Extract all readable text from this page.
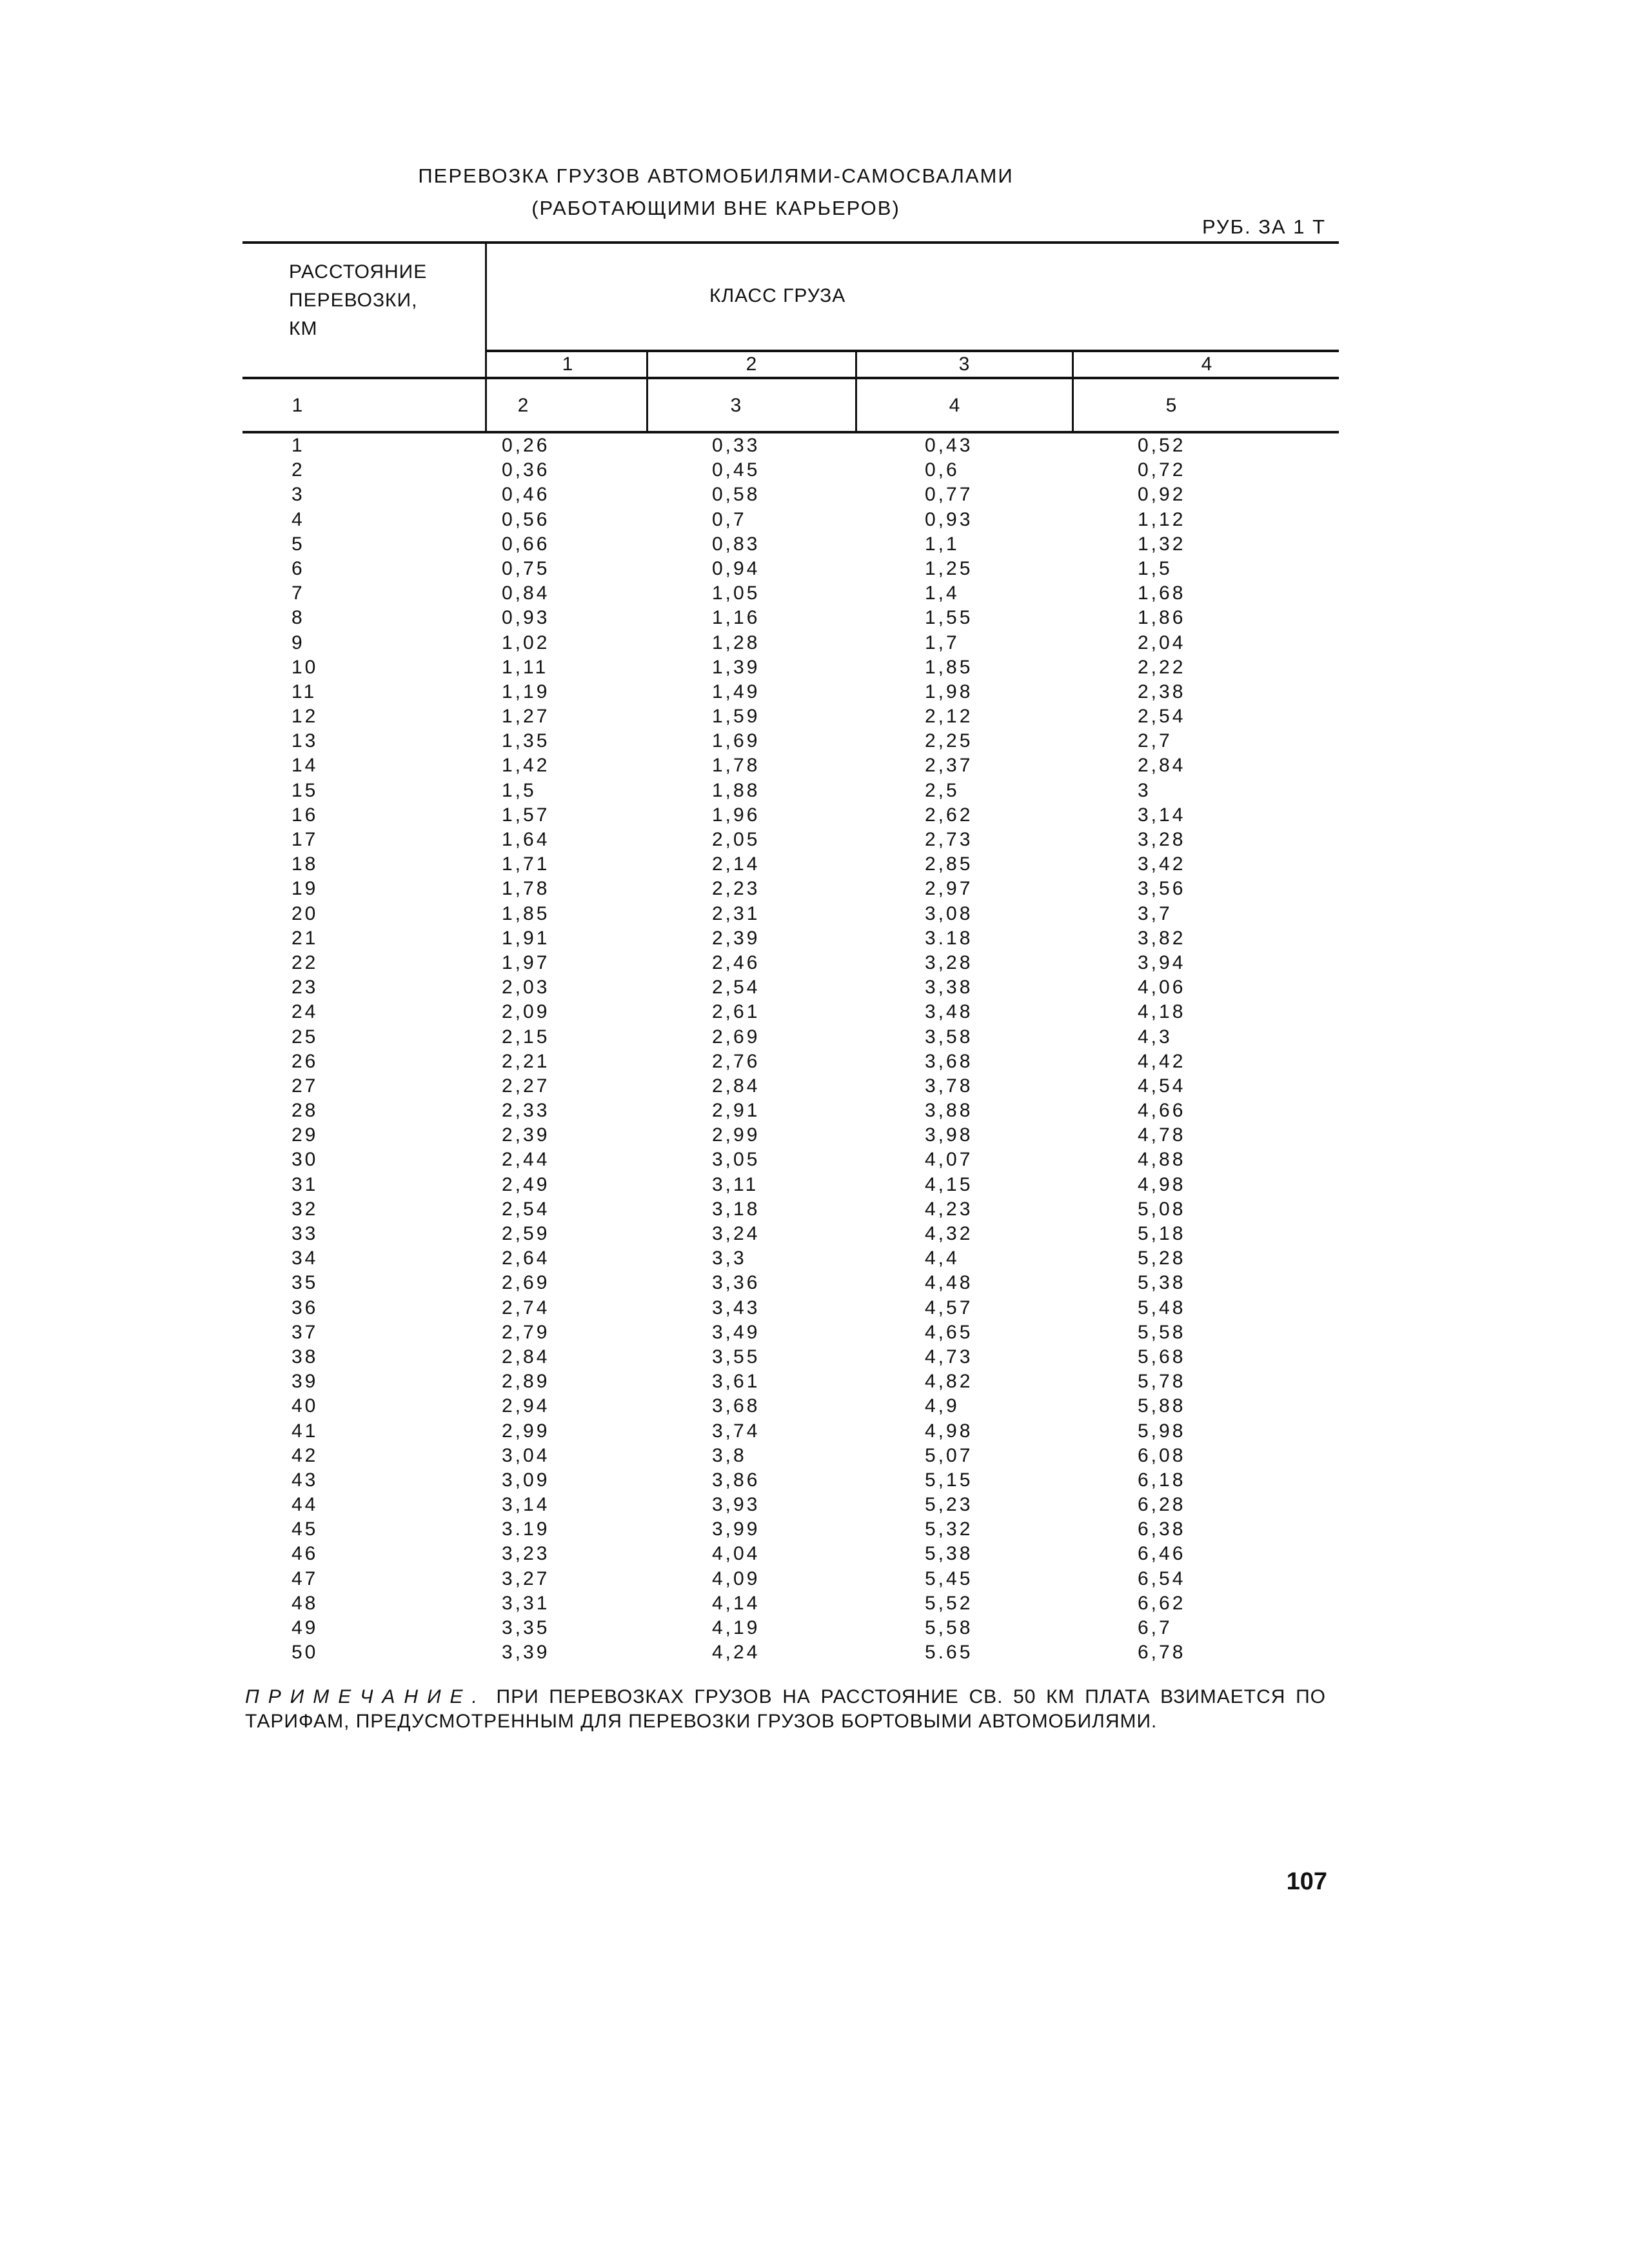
ПЕРЕВОЗКА ГРУЗОВ АВТОМОБИЛЯМИ-САМОСВАЛАМИ
(РАБОТАЮЩИМИ ВНЕ КАРЬЕРОВ)
РУБ. ЗА 1 Т
РАССТОЯНИЕ
ПЕРЕВОЗКИ,
КМ
КЛАСС ГРУЗА
1	2	3	4
1	2	3	4	5
1	0,26	0,33	0,43	0,52
2	0,36	0,45	0,6	0,72
3	0,46	0,58	0,77	0,92
4	0,56	0,7	0,93	1,12
5	0,66	0,83	1,1	1,32
6	0,75	0,94	1,25	1,5
7	0,84	1,05	1,4	1,68
8	0,93	1,16	1,55	1,86
9	1,02	1,28	1,7	2,04
10	1,11	1,39	1,85	2,22
11	1,19	1,49	1,98	2,38
12	1,27	1,59	2,12	2,54
13	1,35	1,69	2,25	2,7
14	1,42	1,78	2,37	2,84
15	1,5	1,88	2,5	3
16	1,57	1,96	2,62	3,14
17	1,64	2,05	2,73	3,28
18	1,71	2,14	2,85	3,42
19	1,78	2,23	2,97	3,56
20	1,85	2,31	3,08	3,7
21	1,91	2,39	3.18	3,82
22	1,97	2,46	3,28	3,94
23	2,03	2,54	3,38	4,06
24	2,09	2,61	3,48	4,18
25	2,15	2,69	3,58	4,3
26	2,21	2,76	3,68	4,42
27	2,27	2,84	3,78	4,54
28	2,33	2,91	3,88	4,66
29	2,39	2,99	3,98	4,78
30	2,44	3,05	4,07	4,88
31	2,49	3,11	4,15	4,98
32	2,54	3,18	4,23	5,08
33	2,59	3,24	4,32	5,18
34	2,64	3,3	4,4	5,28
35	2,69	3,36	4,48	5,38
36	2,74	3,43	4,57	5,48
37	2,79	3,49	4,65	5,58
38	2,84	3,55	4,73	5,68
39	2,89	3,61	4,82	5,78
40	2,94	3,68	4,9	5,88
41	2,99	3,74	4,98	5,98
42	3,04	3,8	5,07	6,08
43	3,09	3,86	5,15	6,18
44	3,14	3,93	5,23	6,28
45	3.19	3,99	5,32	6,38
46	3,23	4,04	5,38	6,46
47	3,27	4,09	5,45	6,54
48	3,31	4,14	5,52	6,62
49	3,35	4,19	5,58	6,7
50	3,39	4,24	5.65	6,78
ПРИМЕЧАНИЕ. ПРИ ПЕРЕВОЗКАХ ГРУЗОВ НА РАССТОЯНИЕ СВ. 50 КМ ПЛАТА ВЗИМАЕТСЯ ПО ТАРИФАМ, ПРЕДУСМОТРЕННЫМ ДЛЯ ПЕРЕВОЗКИ ГРУЗОВ БОРТОВЫМИ АВТОМОБИЛЯМИ.
107
